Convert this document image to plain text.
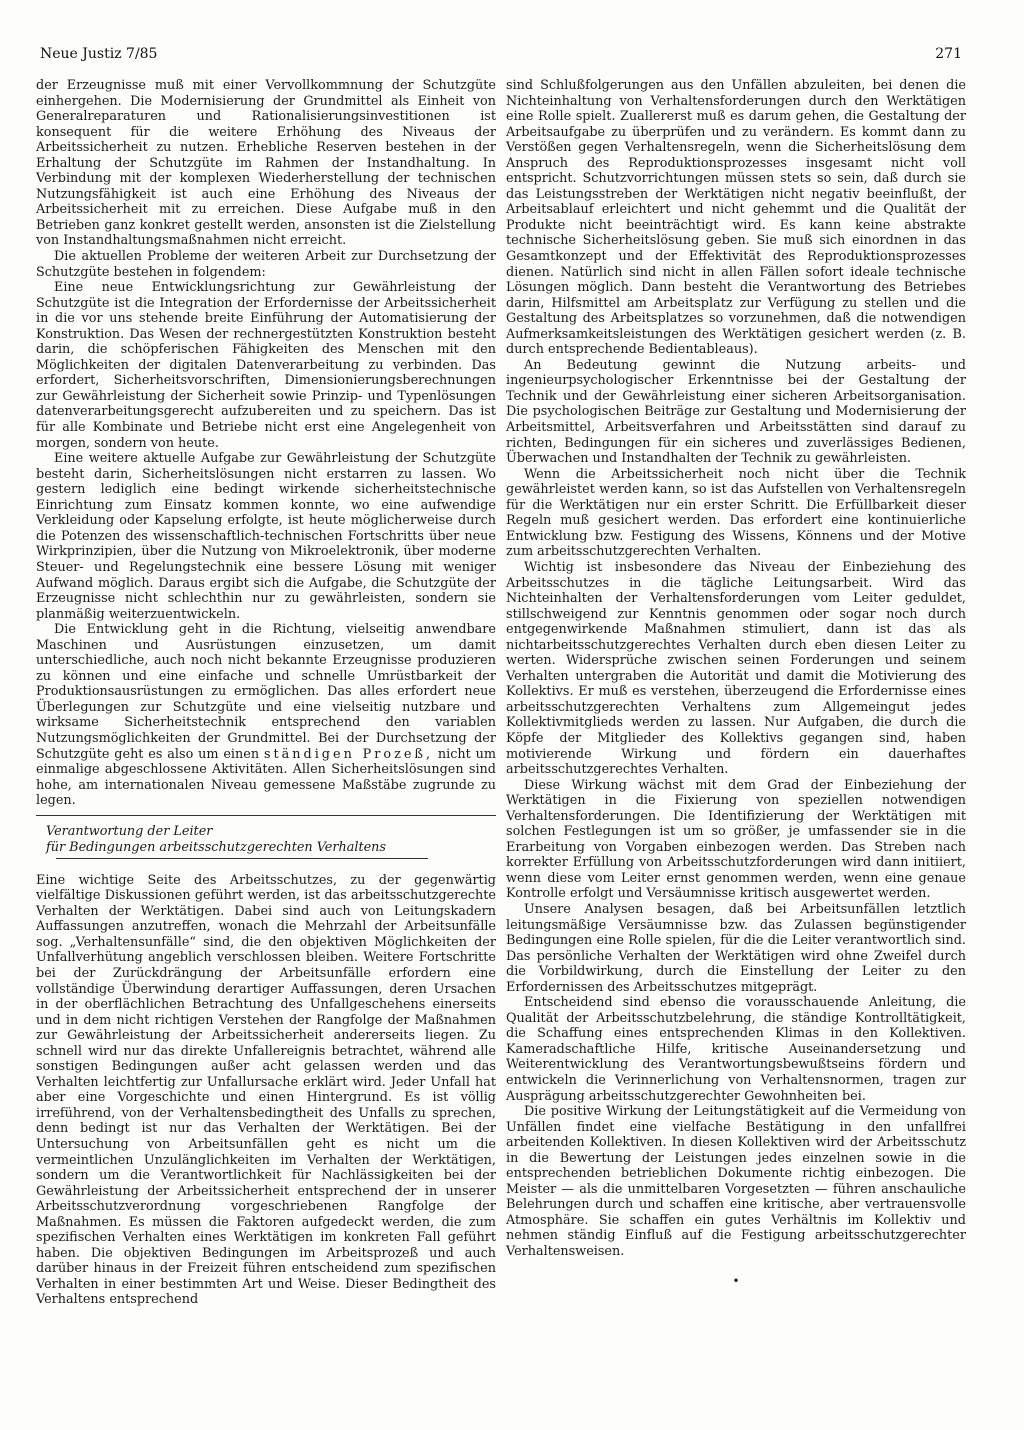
Neue Justiz 7/85	271

der Erzeugnisse muß mit einer Vervollkommnung der Schutzgüte einhergehen. Die Modernisierung der Grundmittel als Einheit von Generalreparaturen und Rationalisierungsinvestitionen ist konsequent für die weitere Erhöhung des Niveaus der Arbeitssicherheit zu nutzen. Erhebliche Reserven bestehen in der Erhaltung der Schutzgüte im Rahmen der Instandhaltung. In Verbindung mit der komplexen Wiederherstellung der technischen Nutzungsfähigkeit ist auch eine Erhöhung des Niveaus der Arbeitssicherheit mit zu erreichen. Diese Aufgabe muß in den Betrieben ganz konkret gestellt werden, ansonsten ist die Zielstellung von Instandhaltungsmaßnahmen nicht erreicht.

Die aktuellen Probleme der weiteren Arbeit zur Durchsetzung der Schutzgüte bestehen in folgendem:

Eine neue Entwicklungsrichtung zur Gewährleistung der Schutzgüte ist die Integration der Erfordernisse der Arbeitssicherheit in die vor uns stehende breite Einführung der Automatisierung der Konstruktion. Das Wesen der rechnergestützten Konstruktion besteht darin, die schöpferischen Fähigkeiten des Menschen mit den Möglichkeiten der digitalen Datenverarbeitung zu verbinden. Das erfordert, Sicherheitsvorschriften, Dimensionierungsberechnungen zur Gewährleistung der Sicherheit sowie Prinzip- und Typenlösungen datenverarbeitungsgerecht aufzubereiten und zu speichern. Das ist für alle Kombinate und Betriebe nicht erst eine Angelegenheit von morgen, sondern von heute.

Eine weitere aktuelle Aufgabe zur Gewährleistung der Schutzgüte besteht darin, Sicherheitslösungen nicht erstarren zu lassen. Wo gestern lediglich eine bedingt wirkende sicherheitstechnische Einrichtung zum Einsatz kommen konnte, wo eine aufwendige Verkleidung oder Kapselung erfolgte, ist heute möglicherweise durch die Potenzen des wissenschaftlich-technischen Fortschritts über neue Wirkprinzipien, über die Nutzung von Mikroelektronik, über moderne Steuer- und Regelungstechnik eine bessere Lösung mit weniger Aufwand möglich. Daraus ergibt sich die Aufgabe, die Schutzgüte der Erzeugnisse nicht schlechthin nur zu gewährleisten, sondern sie planmäßig weiterzuentwickeln.

Die Entwicklung geht in die Richtung, vielseitig anwendbare Maschinen und Ausrüstungen einzusetzen, um damit unterschiedliche, auch noch nicht bekannte Erzeugnisse produzieren zu können und eine einfache und schnelle Umrüstbarkeit der Produktionsausrüstungen zu ermöglichen. Das alles erfordert neue Überlegungen zur Schutzgüte und eine vielseitig nutzbare und wirksame Sicherheitstechnik entsprechend den variablen Nutzungsmöglichkeiten der Grundmittel. Bei der Durchsetzung der Schutzgüte geht es also um einen ständigen Prozeß, nicht um einmalige abgeschlossene Aktivitäten. Allen Sicherheitslösungen sind hohe, am internationalen Niveau gemessene Maßstäbe zugrunde zu legen.

Verantwortung der Leiter
für Bedingungen arbeitsschutzgerechten Verhaltens

Eine wichtige Seite des Arbeitsschutzes, zu der gegenwärtig vielfältige Diskussionen geführt werden, ist das arbeitsschutzgerechte Verhalten der Werktätigen. Dabei sind auch von Leitungskadern Auffassungen anzutreffen, wonach die Mehrzahl der Arbeitsunfälle sog. „Verhaltensunfälle“ sind, die den objektiven Möglichkeiten der Unfallverhütung angeblich verschlossen bleiben. Weitere Fortschritte bei der Zurückdrängung der Arbeitsunfälle erfordern eine vollständige Überwindung derartiger Auffassungen, deren Ursachen in der oberflächlichen Betrachtung des Unfallgeschehens einerseits und in dem nicht richtigen Verstehen der Rangfolge der Maßnahmen zur Gewährleistung der Arbeitssicherheit andererseits liegen. Zu schnell wird nur das direkte Unfallereignis betrachtet, während alle sonstigen Bedingungen außer acht gelassen werden und das Verhalten leichtfertig zur Unfallursache erklärt wird. Jeder Unfall hat aber eine Vorgeschichte und einen Hintergrund. Es ist völlig irreführend, von der Verhaltensbedingtheit des Unfalls zu sprechen, denn bedingt ist nur das Verhalten der Werktätigen. Bei der Untersuchung von Arbeitsunfällen geht es nicht um die vermeintlichen Unzulänglichkeiten im Verhalten der Werktätigen, sondern um die Verantwortlichkeit für Nachlässigkeiten bei der Gewährleistung der Arbeitssicherheit entsprechend der in unserer Arbeitsschutzverordnung vorgeschriebenen Rangfolge der Maßnahmen. Es müssen die Faktoren aufgedeckt werden, die zum spezifischen Verhalten eines Werktätigen im konkreten Fall geführt haben. Die objektiven Bedingungen im Arbeitsprozeß und auch darüber hinaus in der Freizeit führen entscheidend zum spezifischen Verhalten in einer bestimmten Art und Weise. Dieser Bedingtheit des Verhaltens entsprechend

sind Schlußfolgerungen aus den Unfällen abzuleiten, bei denen die Nichteinhaltung von Verhaltensforderungen durch den Werktätigen eine Rolle spielt. Zuallererst muß es darum gehen, die Gestaltung der Arbeitsaufgabe zu überprüfen und zu verändern. Es kommt dann zu Verstößen gegen Verhaltensregeln, wenn die Sicherheitslösung dem Anspruch des Reproduktionsprozesses insgesamt nicht voll entspricht. Schutzvorrichtungen müssen stets so sein, daß durch sie das Leistungsstreben der Werktätigen nicht negativ beeinflußt, der Arbeitsablauf erleichtert und nicht gehemmt und die Qualität der Produkte nicht beeinträchtigt wird. Es kann keine abstrakte technische Sicherheitslösung geben. Sie muß sich einordnen in das Gesamtkonzept und der Effektivität des Reproduktionsprozesses dienen. Natürlich sind nicht in allen Fällen sofort ideale technische Lösungen möglich. Dann besteht die Verantwortung des Betriebes darin, Hilfsmittel am Arbeitsplatz zur Verfügung zu stellen und die Gestaltung des Arbeitsplatzes so vorzunehmen, daß die notwendigen Aufmerksamkeitsleistungen des Werktätigen gesichert werden (z. B. durch entsprechende Bedientableaus).

An Bedeutung gewinnt die Nutzung arbeits- und ingenieurpsychologischer Erkenntnisse bei der Gestaltung der Technik und der Gewährleistung einer sicheren Arbeitsorganisation. Die psychologischen Beiträge zur Gestaltung und Modernisierung der Arbeitsmittel, Arbeitsverfahren und Arbeitsstätten sind darauf zu richten, Bedingungen für ein sicheres und zuverlässiges Bedienen, Überwachen und Instandhalten der Technik zu gewährleisten.

Wenn die Arbeitssicherheit noch nicht über die Technik gewährleistet werden kann, so ist das Aufstellen von Verhaltensregeln für die Werktätigen nur ein erster Schritt. Die Erfüllbarkeit dieser Regeln muß gesichert werden. Das erfordert eine kontinuierliche Entwicklung bzw. Festigung des Wissens, Könnens und der Motive zum arbeitsschutzgerechten Verhalten.

Wichtig ist insbesondere das Niveau der Einbeziehung des Arbeitsschutzes in die tägliche Leitungsarbeit. Wird das Nichteinhalten der Verhaltensforderungen vom Leiter geduldet, stillschweigend zur Kenntnis genommen oder sogar noch durch entgegenwirkende Maßnahmen stimuliert, dann ist das als nichtarbeitsschutzgerechtes Verhalten durch eben diesen Leiter zu werten. Widersprüche zwischen seinen Forderungen und seinem Verhalten untergraben die Autorität und damit die Motivierung des Kollektivs. Er muß es verstehen, überzeugend die Erfordernisse eines arbeitsschutzgerechten Verhaltens zum Allgemeingut jedes Kollektivmitglieds werden zu lassen. Nur Aufgaben, die durch die Köpfe der Mitglieder des Kollektivs gegangen sind, haben motivierende Wirkung und fördern ein dauerhaftes arbeitsschutzgerechtes Verhalten.

Diese Wirkung wächst mit dem Grad der Einbeziehung der Werktätigen in die Fixierung von speziellen notwendigen Verhaltensforderungen. Die Identifizierung der Werktätigen mit solchen Festlegungen ist um so größer, je umfassender sie in die Erarbeitung von Vorgaben einbezogen werden. Das Streben nach korrekter Erfüllung von Arbeitsschutzforderungen wird dann initiiert, wenn diese vom Leiter ernst genommen werden, wenn eine genaue Kontrolle erfolgt und Versäumnisse kritisch ausgewertet werden.

Unsere Analysen besagen, daß bei Arbeitsunfällen letztlich leitungsmäßige Versäumnisse bzw. das Zulassen begünstigender Bedingungen eine Rolle spielen, für die die Leiter verantwortlich sind. Das persönliche Verhalten der Werktätigen wird ohne Zweifel durch die Vorbildwirkung, durch die Einstellung der Leiter zu den Erfordernissen des Arbeitsschutzes mitgeprägt.

Entscheidend sind ebenso die vorausschauende Anleitung, die Qualität der Arbeitsschutzbelehrung, die ständige Kontrolltätigkeit, die Schaffung eines entsprechenden Klimas in den Kollektiven. Kameradschaftliche Hilfe, kritische Auseinandersetzung und Weiterentwicklung des Verantwortungsbewußtseins fördern und entwickeln die Verinnerlichung von Verhaltensnormen, tragen zur Ausprägung arbeitsschutzgerechter Gewohnheiten bei.

Die positive Wirkung der Leitungstätigkeit auf die Vermeidung von Unfällen findet eine vielfache Bestätigung in den unfallfrei arbeitenden Kollektiven. In diesen Kollektiven wird der Arbeitsschutz in die Bewertung der Leistungen jedes einzelnen sowie in die entsprechenden betrieblichen Dokumente richtig einbezogen. Die Meister — als die unmittelbaren Vorgesetzten — führen anschauliche Belehrungen durch und schaffen eine kritische, aber vertrauensvolle Atmosphäre. Sie schaffen ein gutes Verhältnis im Kollektiv und nehmen ständig Einfluß auf die Festigung arbeitsschutzgerechter Verhaltensweisen.

•
